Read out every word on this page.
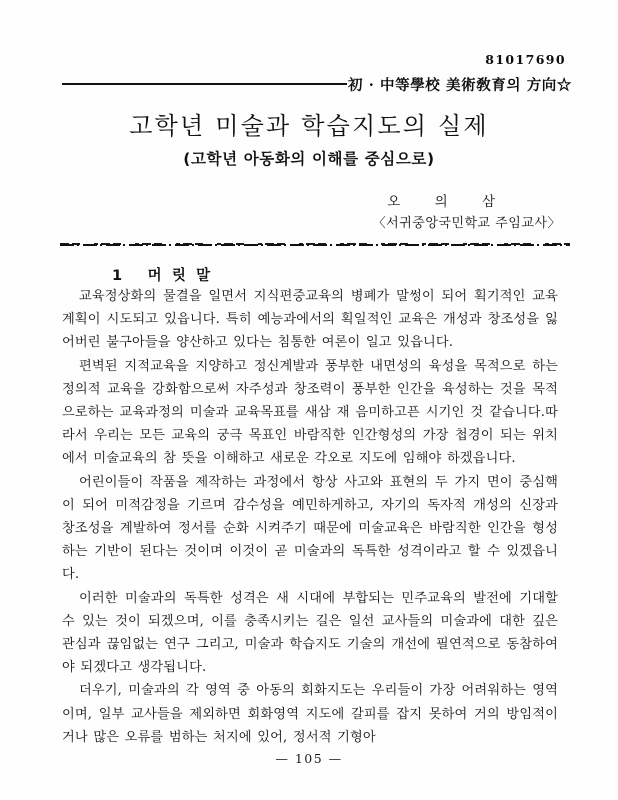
81017690
初 · 中等學校 美術敎育의 方向☆
고학년 미술과 학습지도의 실제
(고학년 아동화의 이해를 중심으로)
오        의        삼
〈서귀중앙국민학교 주임교사〉
1   머 릿 말

교육정상화의 물결을 일면서 지식편중교육의 병폐가 말썽이 되어 획기적인 교육계획이 시도되고 있읍니다. 특히 예능과에서의 획일적인 교육은 개성과 창조성을 잃어버린 불구아들을 양산하고 있다는 침통한 여론이 일고 있읍니다.

편벽된 지적교육을 지양하고 정신계발과 풍부한 내면성의 육성을 목적으로 하는 정의적 교육을 강화함으로써 자주성과 창조력이 풍부한 인간을 육성하는 것을 목적으로하는 교육과정의 미술과 교육목표를 새삼 재 음미하고픈 시기인 것 같습니다.따라서 우리는 모든 교육의 궁극 목표인 바람직한 인간형성의 가장 첩경이 되는 위치에서 미술교육의 참 뜻을 이해하고 새로운 각오로 지도에 임해야 하겠읍니다.

어린이들이 작품을 제작하는 과정에서 항상 사고와 표현의 두 가지 면이 중심핵이 되어 미적감정을 기르며 감수성을 예민하게하고, 자기의 독자적 개성의 신장과 창조성을 계발하여 정서를 순화 시켜주기 때문에 미술교육은 바람직한 인간을 형성하는 기반이 된다는 것이며 이것이 곧 미술과의 독특한 성격이라고 할 수 있겠읍니다.

이러한 미술과의 독특한 성격은 새 시대에 부합되는 민주교육의 발전에 기대할 수 있는 것이 되겠으며, 이를 충족시키는 길은 일선 교사들의 미술과에 대한 깊은 관심과 끊임없는 연구 그리고, 미술과 학습지도 기술의 개선에 필연적으로 동참하여야 되겠다고 생각됩니다.

더우기, 미술과의 각 영역 중 아동의 회화지도는 우리들이 가장 어려워하는 영역이며, 일부 교사들을 제외하면 회화영역 지도에 갈피를 잡지 못하여 거의 방임적이거나 많은 오류를 범하는 처지에 있어, 정서적 기형아

— 105 —
